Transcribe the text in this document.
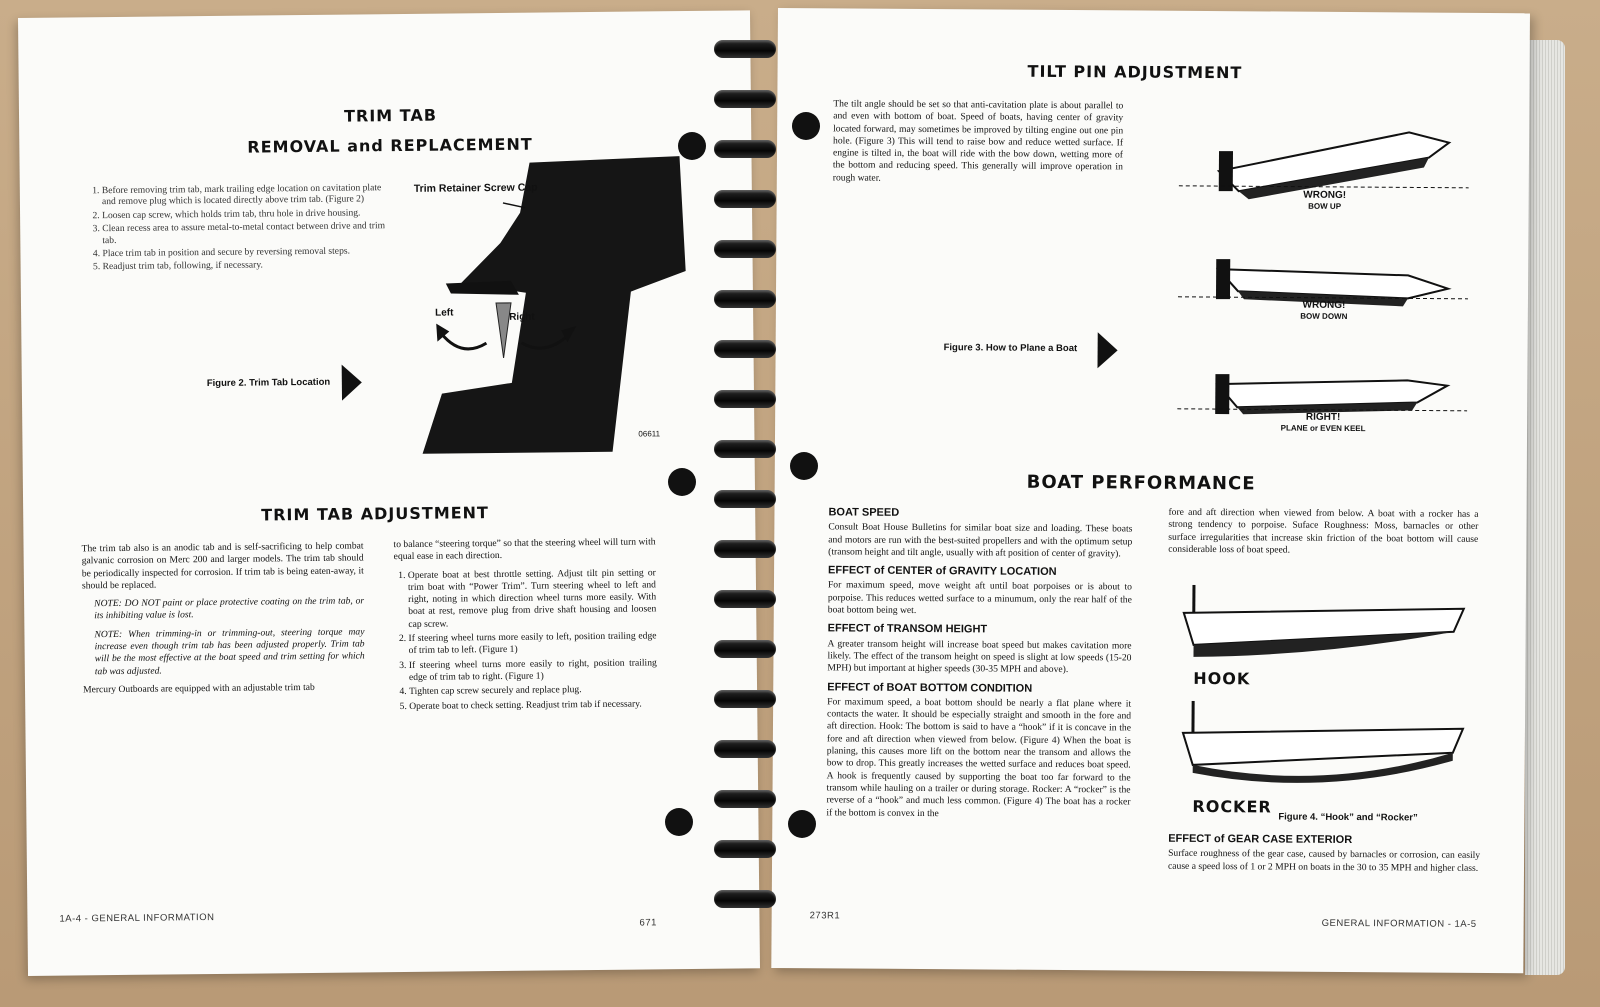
TRIM TAB
REMOVAL and REPLACEMENT
1. Before removing trim tab, mark trailing edge location on cavitation plate and remove plug which is located directly above trim tab. (Figure 2)
2. Loosen cap screw, which holds trim tab, thru hole in drive housing.
3. Clean recess area to assure metal-to-metal contact between drive and trim tab.
4. Place trim tab in position and secure by reversing removal steps.
5. Readjust trim tab, following, if necessary.
Trim Retainer Screw Cap
Left	Right
06611
Figure 2. Trim Tab Location
TRIM TAB ADJUSTMENT

The trim tab also is an anodic tab and is self-sacrificing to help combat galvanic corrosion on Merc 200 and larger models. The trim tab should be periodically inspected for corrosion. If trim tab is being eaten-away, it should be replaced.

NOTE: DO NOT paint or place protective coating on the trim tab, or its inhibiting value is lost.

NOTE: When trimming-in or trimming-out, steering torque may increase even though trim tab has been adjusted properly. Trim tab will be the most effective at the boat speed and trim setting for which tab was adjusted.

Mercury Outboards are equipped with an adjustable trim tab

to balance “steering torque” so that the steering wheel will turn with equal ease in each direction.

1. Operate boat at best throttle setting. Adjust tilt pin setting or trim boat with “Power Trim”. Turn steering wheel to left and right, noting in which direction wheel turns more easily. With boat at rest, remove plug from drive shaft housing and loosen cap screw.
2. If steering wheel turns more easily to left, position trailing edge of trim tab to left. (Figure 1)
3. If steering wheel turns more easily to right, position trailing edge of trim tab to right. (Figure 1)
4. Tighten cap screw securely and replace plug.
5. Operate boat to check setting. Readjust trim tab if necessary.
1A-4 - GENERAL INFORMATION	671
TILT PIN ADJUSTMENT
The tilt angle should be set so that anti-cavitation plate is about parallel to and even with bottom of boat. Speed of boats, having center of gravity located forward, may sometimes be improved by tilting engine out one pin hole. (Figure 3) This will tend to raise bow and reduce wetted surface. If engine is tilted in, the boat will ride with the bow down, wetting more of the bottom and reducing speed. This generally will improve operation in rough water.
Figure 3. How to Plane a Boat
WRONG!
BOW UP
WRONG!
BOW DOWN
RIGHT!
PLANE or EVEN KEEL
BOAT PERFORMANCE
BOAT SPEED

Consult Boat House Bulletins for similar boat size and loading. These boats and motors are run with the best-suited propellers and with the optimum setup (transom height and tilt angle, usually with aft position of center of gravity).

EFFECT of CENTER of GRAVITY LOCATION

For maximum speed, move weight aft until boat porpoises or is about to porpoise. This reduces wetted surface to a minumum, only the rear half of the boat bottom being wet.

EFFECT of TRANSOM HEIGHT

A greater transom height will increase boat speed but makes cavitation more likely. The effect of the transom height on speed is slight at low speeds (15-20 MPH) but important at higher speeds (30-35 MPH and above).

EFFECT of BOAT BOTTOM CONDITION

For maximum speed, a boat bottom should be nearly a flat plane where it contacts the water. It should be especially straight and smooth in the fore and aft direction. Hook: The bottom is said to have a “hook” if it is concave in the fore and aft direction when viewed from below. (Figure 4) When the boat is planing, this causes more lift on the bottom near the transom and allows the bow to drop. This greatly increases the wetted surface and reduces boat speed. A hook is frequently caused by supporting the boat too far forward to the transom while hauling on a trailer or during storage. Rocker: A “rocker” is the reverse of a “hook” and much less common. (Figure 4) The boat has a rocker if the bottom is convex in the

fore and aft direction when viewed from below. A boat with a rocker has a strong tendency to porpoise. Suface Roughness: Moss, barnacles or other surface irregularities that increase skin friction of the boat bottom will cause considerable loss of boat speed.
HOOK
ROCKER
Figure 4. “Hook” and “Rocker”
EFFECT of GEAR CASE EXTERIOR

Surface roughness of the gear case, caused by barnacles or corrosion, can easily cause a speed loss of 1 or 2 MPH on boats in the 30 to 35 MPH and higher class.

273R1
GENERAL INFORMATION - 1A-5
